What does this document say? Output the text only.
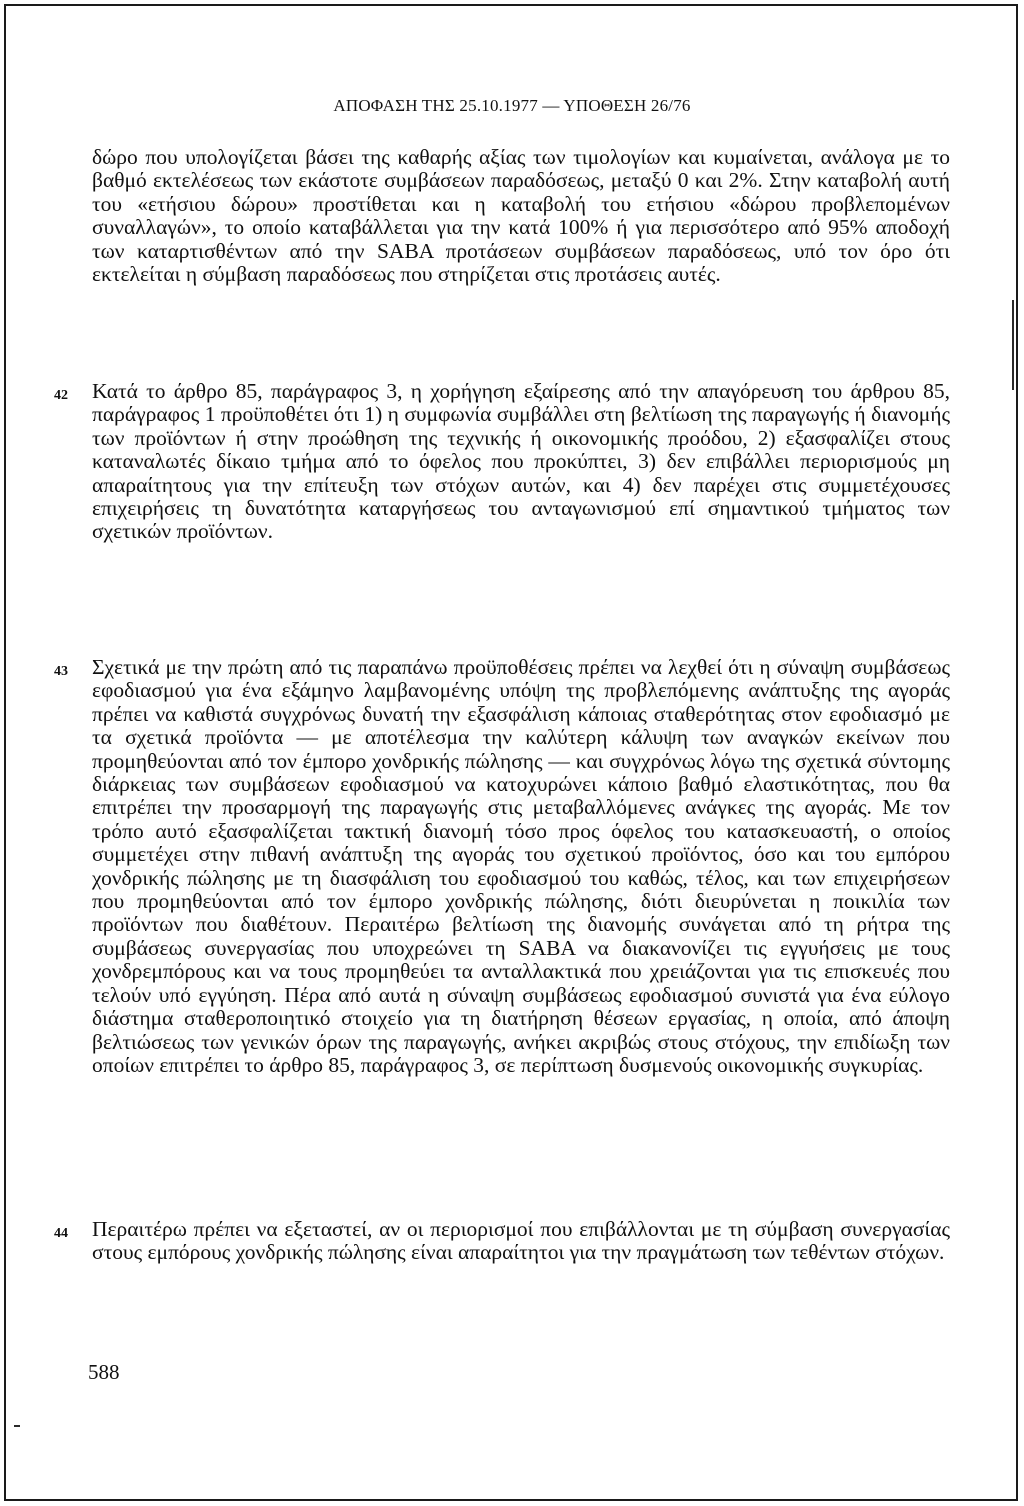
ΑΠΟΦΑΣΗ ΤΗΣ 25.10.1977 — ΥΠΟΘΕΣΗ 26/76

δώρο που υπολογίζεται βάσει της καθαρής αξίας των τιμολογίων και κυμαίνεται, ανάλογα με το βαθμό εκτελέσεως των εκάστοτε συμβάσεων παραδόσεως, μεταξύ 0 και 2%. Στην καταβολή αυτή του «ετήσιου δώρου» προστίθεται και η καταβολή του ετήσιου «δώρου προβλεπομένων συναλλαγών», το οποίο καταβάλλεται για την κατά 100% ή για περισσότερο από 95% αποδοχή των καταρτισθέντων από την SABA προτάσεων συμβάσεων παραδόσεως, υπό τον όρο ότι εκτελείται η σύμβαση παραδόσεως που στηρίζεται στις προτάσεις αυτές.

42 Κατά το άρθρο 85, παράγραφος 3, η χορήγηση εξαίρεσης από την απαγόρευση του άρθρου 85, παράγραφος 1 προϋποθέτει ότι 1) η συμφωνία συμβάλλει στη βελτίωση της παραγωγής ή διανομής των προϊόντων ή στην προώθηση της τεχνικής ή οικονομικής προόδου, 2) εξασφαλίζει στους καταναλωτές δίκαιο τμήμα από το όφελος που προκύπτει, 3) δεν επιβάλλει περιορισμούς μη απαραίτητους για την επίτευξη των στόχων αυτών, και 4) δεν παρέχει στις συμμετέχουσες επιχειρήσεις τη δυνατότητα καταργήσεως του ανταγωνισμού επί σημαντικού τμήματος των σχετικών προϊόντων.

43 Σχετικά με την πρώτη από τις παραπάνω προϋποθέσεις πρέπει να λεχθεί ότι η σύναψη συμβάσεως εφοδιασμού για ένα εξάμηνο λαμβανομένης υπόψη της προβλεπόμενης ανάπτυξης της αγοράς πρέπει να καθιστά συγχρόνως δυνατή την εξασφάλιση κάποιας σταθερότητας στον εφοδιασμό με τα σχετικά προϊόντα — με αποτέλεσμα την καλύτερη κάλυψη των αναγκών εκείνων που προμηθεύονται από τον έμπορο χονδρικής πώλησης — και συγχρόνως λόγω της σχετικά σύντομης διάρκειας των συμβάσεων εφοδιασμού να κατοχυρώνει κάποιο βαθμό ελαστικότητας, που θα επιτρέπει την προσαρμογή της παραγωγής στις μεταβαλλόμενες ανάγκες της αγοράς. Με τον τρόπο αυτό εξασφαλίζεται τακτική διανομή τόσο προς όφελος του κατασκευαστή, ο οποίος συμμετέχει στην πιθανή ανάπτυξη της αγοράς του σχετικού προϊόντος, όσο και του εμπόρου χονδρικής πώλησης με τη διασφάλιση του εφοδιασμού του καθώς, τέλος, και των επιχειρήσεων που προμηθεύονται από τον έμπορο χονδρικής πώλησης, διότι διευρύνεται η ποικιλία των προϊόντων που διαθέτουν. Περαιτέρω βελτίωση της διανομής συνάγεται από τη ρήτρα της συμβάσεως συνεργασίας που υποχρεώνει τη SABA να διακανονίζει τις εγγυήσεις με τους χονδρεμπόρους και να τους προμηθεύει τα ανταλλακτικά που χρειάζονται για τις επισκευές που τελούν υπό εγγύηση. Πέρα από αυτά η σύναψη συμβάσεως εφοδιασμού συνιστά για ένα εύλογο διάστημα σταθεροποιητικό στοιχείο για τη διατήρηση θέσεων εργασίας, η οποία, από άποψη βελτιώσεως των γενικών όρων της παραγωγής, ανήκει ακριβώς στους στόχους, την επιδίωξη των οποίων επιτρέπει το άρθρο 85, παράγραφος 3, σε περίπτωση δυσμενούς οικονομικής συγκυρίας.

44 Περαιτέρω πρέπει να εξεταστεί, αν οι περιορισμοί που επιβάλλονται με τη σύμβαση συνεργασίας στους εμπόρους χονδρικής πώλησης είναι απαραίτητοι για την πραγμάτωση των τεθέντων στόχων.

588
